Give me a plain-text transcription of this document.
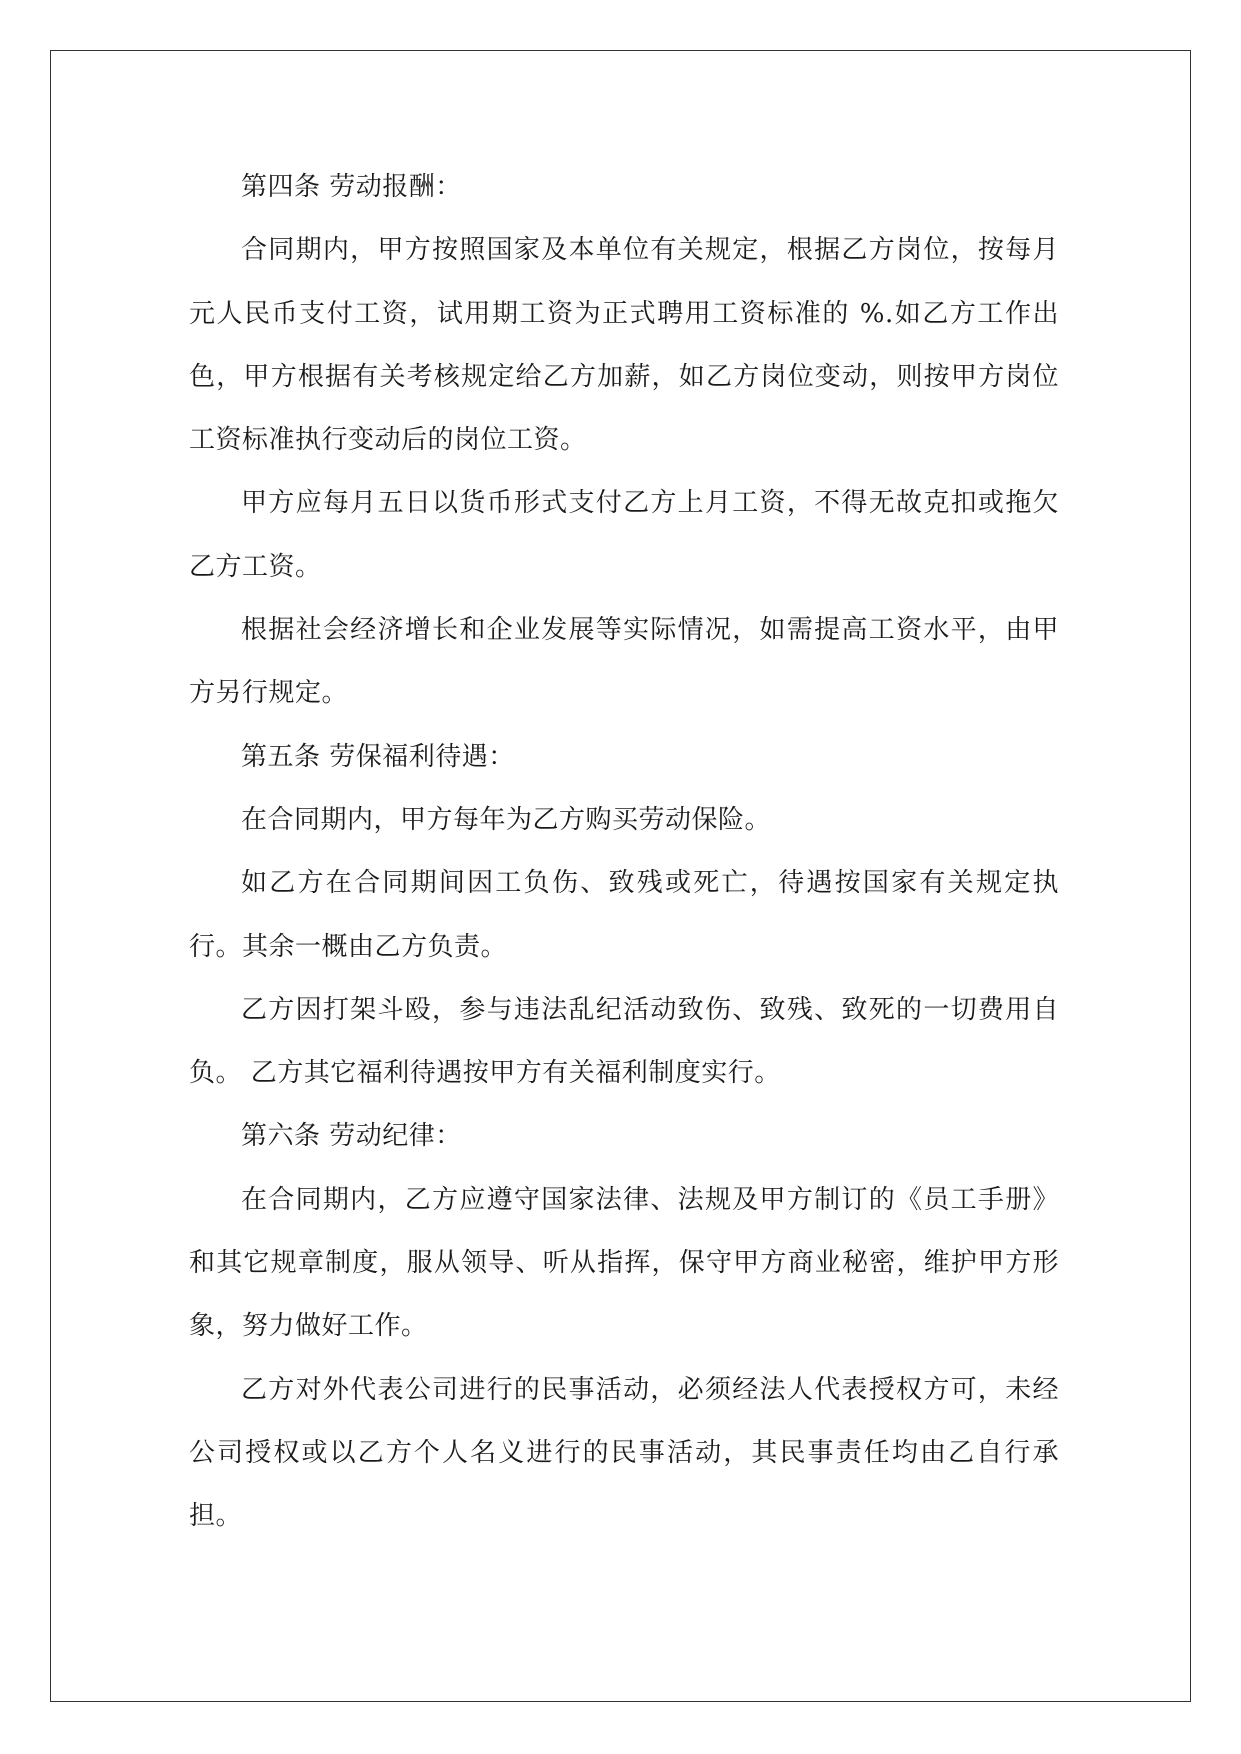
第四条 劳动报酬：

合同期内，甲方按照国家及本单位有关规定，根据乙方岗位，按每月元人民币支付工资，试用期工资为正式聘用工资标准的 %.如乙方工作出色，甲方根据有关考核规定给乙方加薪，如乙方岗位变动，则按甲方岗位工资标准执行变动后的岗位工资。

甲方应每月五日以货币形式支付乙方上月工资，不得无故克扣或拖欠乙方工资。

根据社会经济增长和企业发展等实际情况，如需提高工资水平，由甲方另行规定。

第五条 劳保福利待遇：

在合同期内，甲方每年为乙方购买劳动保险。

如乙方在合同期间因工负伤、致残或死亡，待遇按国家有关规定执行。其余一概由乙方负责。

乙方因打架斗殴，参与违法乱纪活动致伤、致残、致死的一切费用自负。 乙方其它福利待遇按甲方有关福利制度实行。

第六条 劳动纪律：

在合同期内，乙方应遵守国家法律、法规及甲方制订的《员工手册》和其它规章制度，服从领导、听从指挥，保守甲方商业秘密，维护甲方形象，努力做好工作。

乙方对外代表公司进行的民事活动，必须经法人代表授权方可，未经公司授权或以乙方个人名义进行的民事活动，其民事责任均由乙自行承担。
